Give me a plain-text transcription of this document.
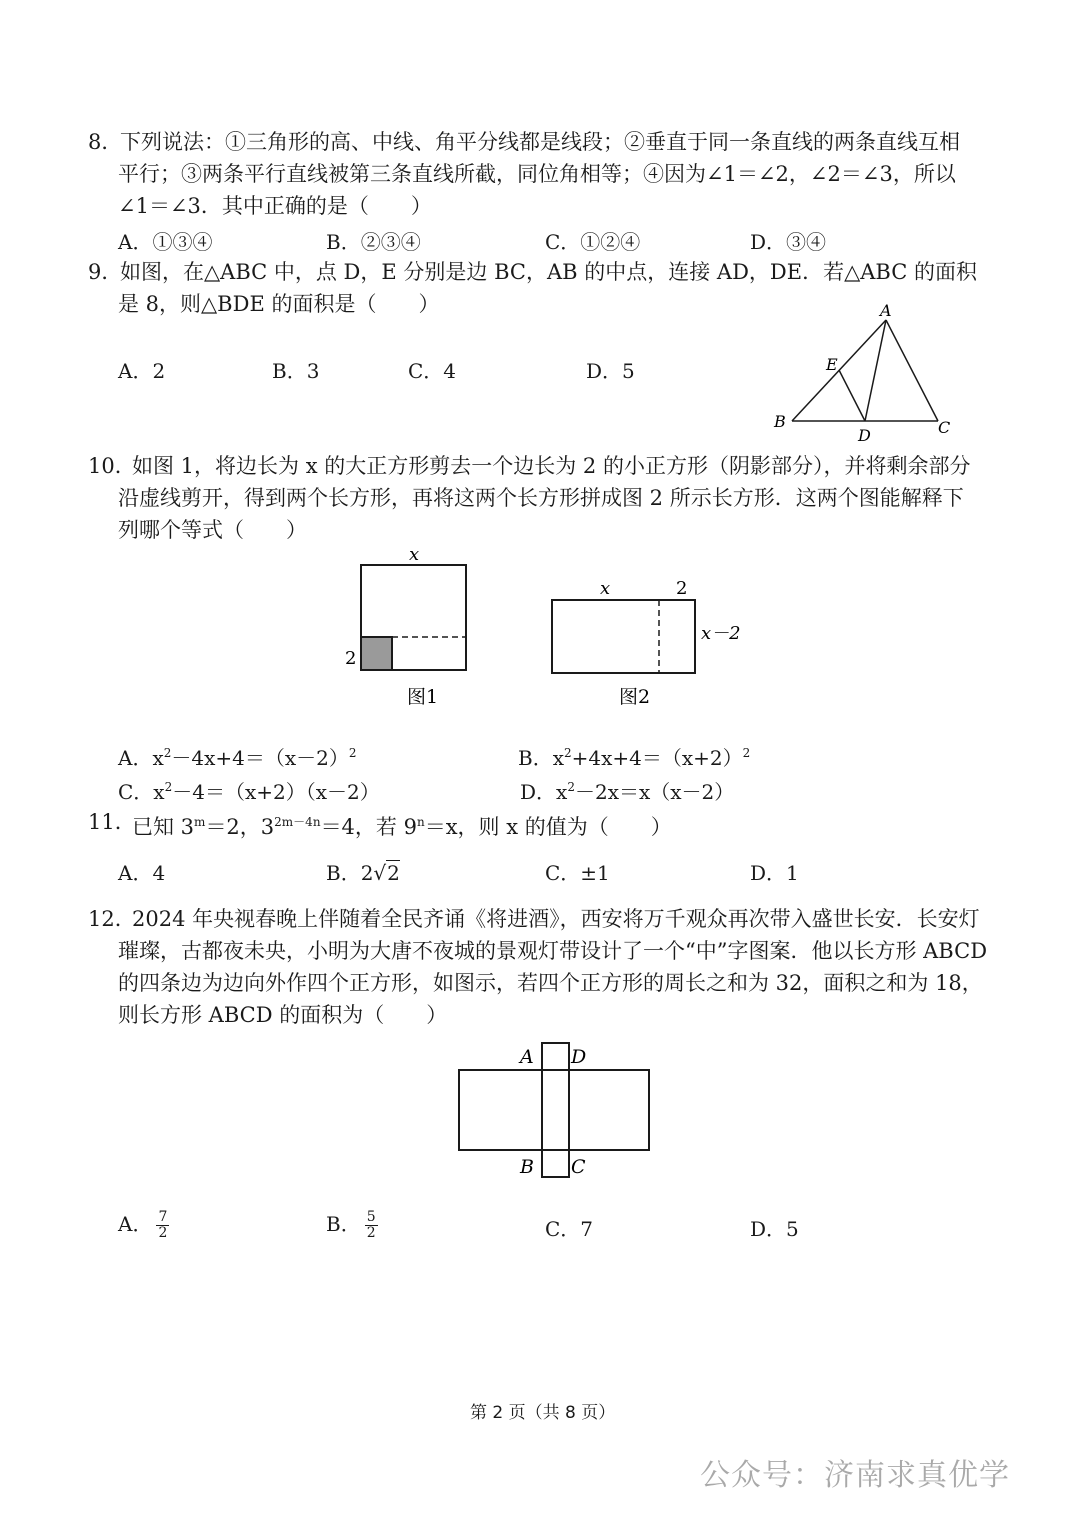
8．
下列说法：①三角形的高、中线、角平分线都是线段；②垂直于同一条直线的两条直线互相
平行；③两条平行直线被第三条直线所截，同位角相等；④因为∠1＝∠2，∠2＝∠3，所以
∠1＝∠3．其中正确的是（　　）
A．①③④	B．②③④	C．①②④	D．③④
9．
如图，在△ABC 中，点 D，E 分别是边 BC，AB 的中点，连接 AD，DE．若△ABC 的面积
是 8，则△BDE 的面积是（　　）
A．2	B．3	C．4	D．5
A
E
B
D	C
10．
如图 1，将边长为 x 的大正方形剪去一个边长为 2 的小正方形（阴影部分），并将剩余部分
沿虚线剪开，得到两个长方形，再将这两个长方形拼成图 2 所示长方形．这两个图能解释下
列哪个等式（　　）
x
2
图1
x	2
x－2
图2
A．$x^2-4x+4=(x-2)^2$	B．$x^2+4x+4=(x+2)^2$
C．$x^2-4=(x+2)(x-2)$	D．$x^2-2x=x(x-2)$
11．
已知 $3^m=2$，$3^{2m-4n}=4$，若 $9^n=x$，则 x 的值为（　　）
A．4	B．2√2	C．±1	D．1
12．
2024 年央视春晚上伴随着全民齐诵《将进酒》，西安将万千观众再次带入盛世长安．长安灯
璀璨，古都夜未央，小明为大唐不夜城的景观灯带设计了一个“中”字图案．他以长方形 ABCD
的四条边为边向外作四个正方形，如图示，若四个正方形的周长之和为 32，面积之和为 18，
则长方形 ABCD 的面积为（　　）
A D
B C
A． $\frac{7}{2}$	B． $\frac{5}{2}$	C．7	D．5
第 2 页（共 8 页）
公众号：济南求真优学
